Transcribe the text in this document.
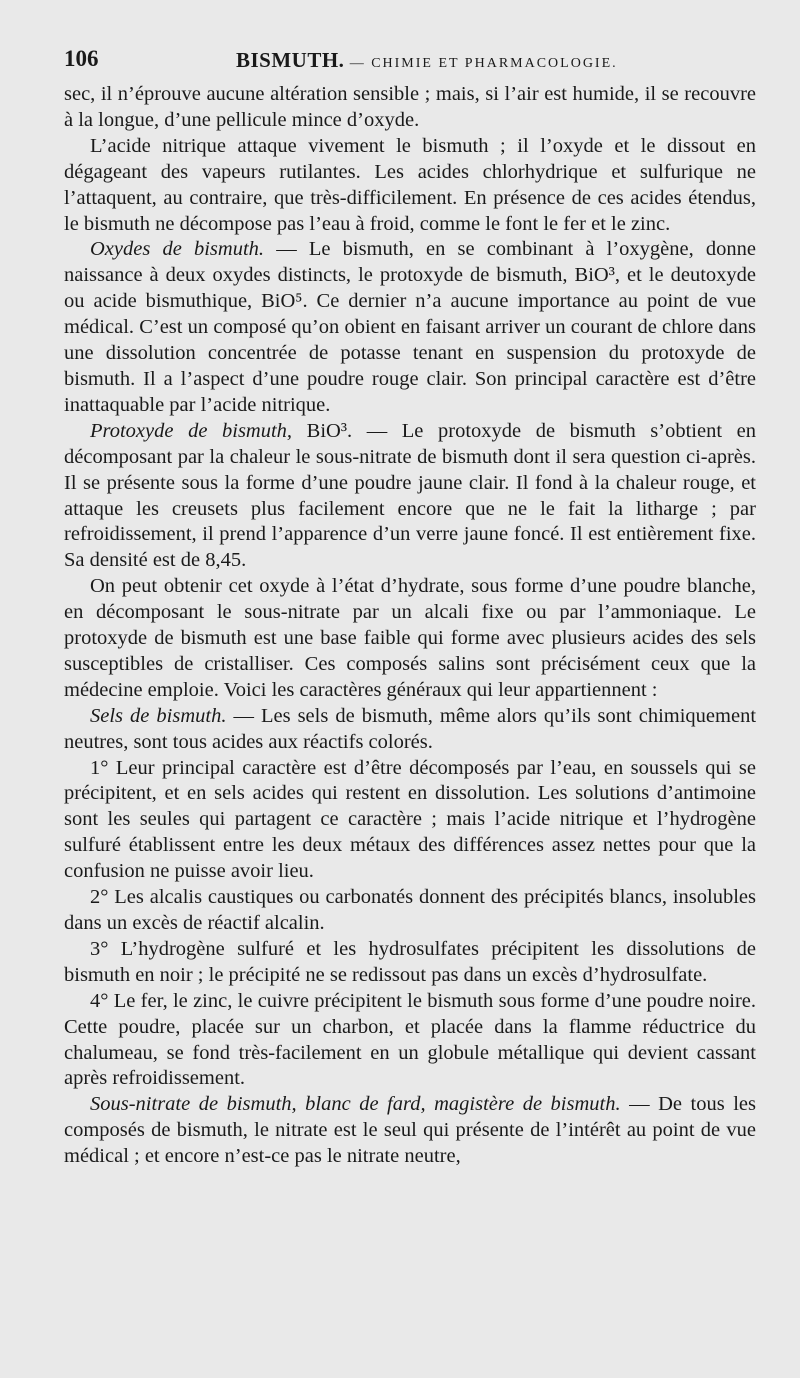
106	BISMUTH. — CHIMIE ET PHARMACOLOGIE.

sec, il n’éprouve aucune altération sensible ; mais, si l’air est humide, il se recouvre à la longue, d’une pellicule mince d’oxyde.

L’acide nitrique attaque vivement le bismuth ; il l’oxyde et le dissout en dégageant des vapeurs rutilantes. Les acides chlorhydrique et sulfurique ne l’attaquent, au contraire, que très-difficilement. En présence de ces acides étendus, le bismuth ne décompose pas l’eau à froid, comme le font le fer et le zinc.

Oxydes de bismuth. — Le bismuth, en se combinant à l’oxygène, donne naissance à deux oxydes distincts, le protoxyde de bismuth, BiO³, et le deutoxyde ou acide bismuthique, BiO⁵. Ce dernier n’a aucune importance au point de vue médical. C’est un composé qu’on obient en faisant arriver un courant de chlore dans une dissolution concentrée de potasse tenant en suspension du protoxyde de bismuth. Il a l’aspect d’une poudre rouge clair. Son principal caractère est d’être inattaquable par l’acide nitrique.

Protoxyde de bismuth, BiO³. — Le protoxyde de bismuth s’obtient en décomposant par la chaleur le sous-nitrate de bismuth dont il sera question ci-après. Il se présente sous la forme d’une poudre jaune clair. Il fond à la chaleur rouge, et attaque les creusets plus facilement encore que ne le fait la litharge ; par refroidissement, il prend l’apparence d’un verre jaune foncé. Il est entièrement fixe. Sa densité est de 8,45.

On peut obtenir cet oxyde à l’état d’hydrate, sous forme d’une poudre blanche, en décomposant le sous-nitrate par un alcali fixe ou par l’ammoniaque. Le protoxyde de bismuth est une base faible qui forme avec plusieurs acides des sels susceptibles de cristalliser. Ces composés salins sont précisément ceux que la médecine emploie. Voici les caractères généraux qui leur appartiennent :

Sels de bismuth. — Les sels de bismuth, même alors qu’ils sont chimiquement neutres, sont tous acides aux réactifs colorés.

1° Leur principal caractère est d’être décomposés par l’eau, en soussels qui se précipitent, et en sels acides qui restent en dissolution. Les solutions d’antimoine sont les seules qui partagent ce caractère ; mais l’acide nitrique et l’hydrogène sulfuré établissent entre les deux métaux des différences assez nettes pour que la confusion ne puisse avoir lieu.

2° Les alcalis caustiques ou carbonatés donnent des précipités blancs, insolubles dans un excès de réactif alcalin.

3° L’hydrogène sulfuré et les hydrosulfates précipitent les dissolutions de bismuth en noir ; le précipité ne se redissout pas dans un excès d’hydrosulfate.

4° Le fer, le zinc, le cuivre précipitent le bismuth sous forme d’une poudre noire. Cette poudre, placée sur un charbon, et placée dans la flamme réductrice du chalumeau, se fond très-facilement en un globule métallique qui devient cassant après refroidissement.

Sous-nitrate de bismuth, blanc de fard, magistère de bismuth. — De tous les composés de bismuth, le nitrate est le seul qui présente de l’intérêt au point de vue médical ; et encore n’est-ce pas le nitrate neutre,
